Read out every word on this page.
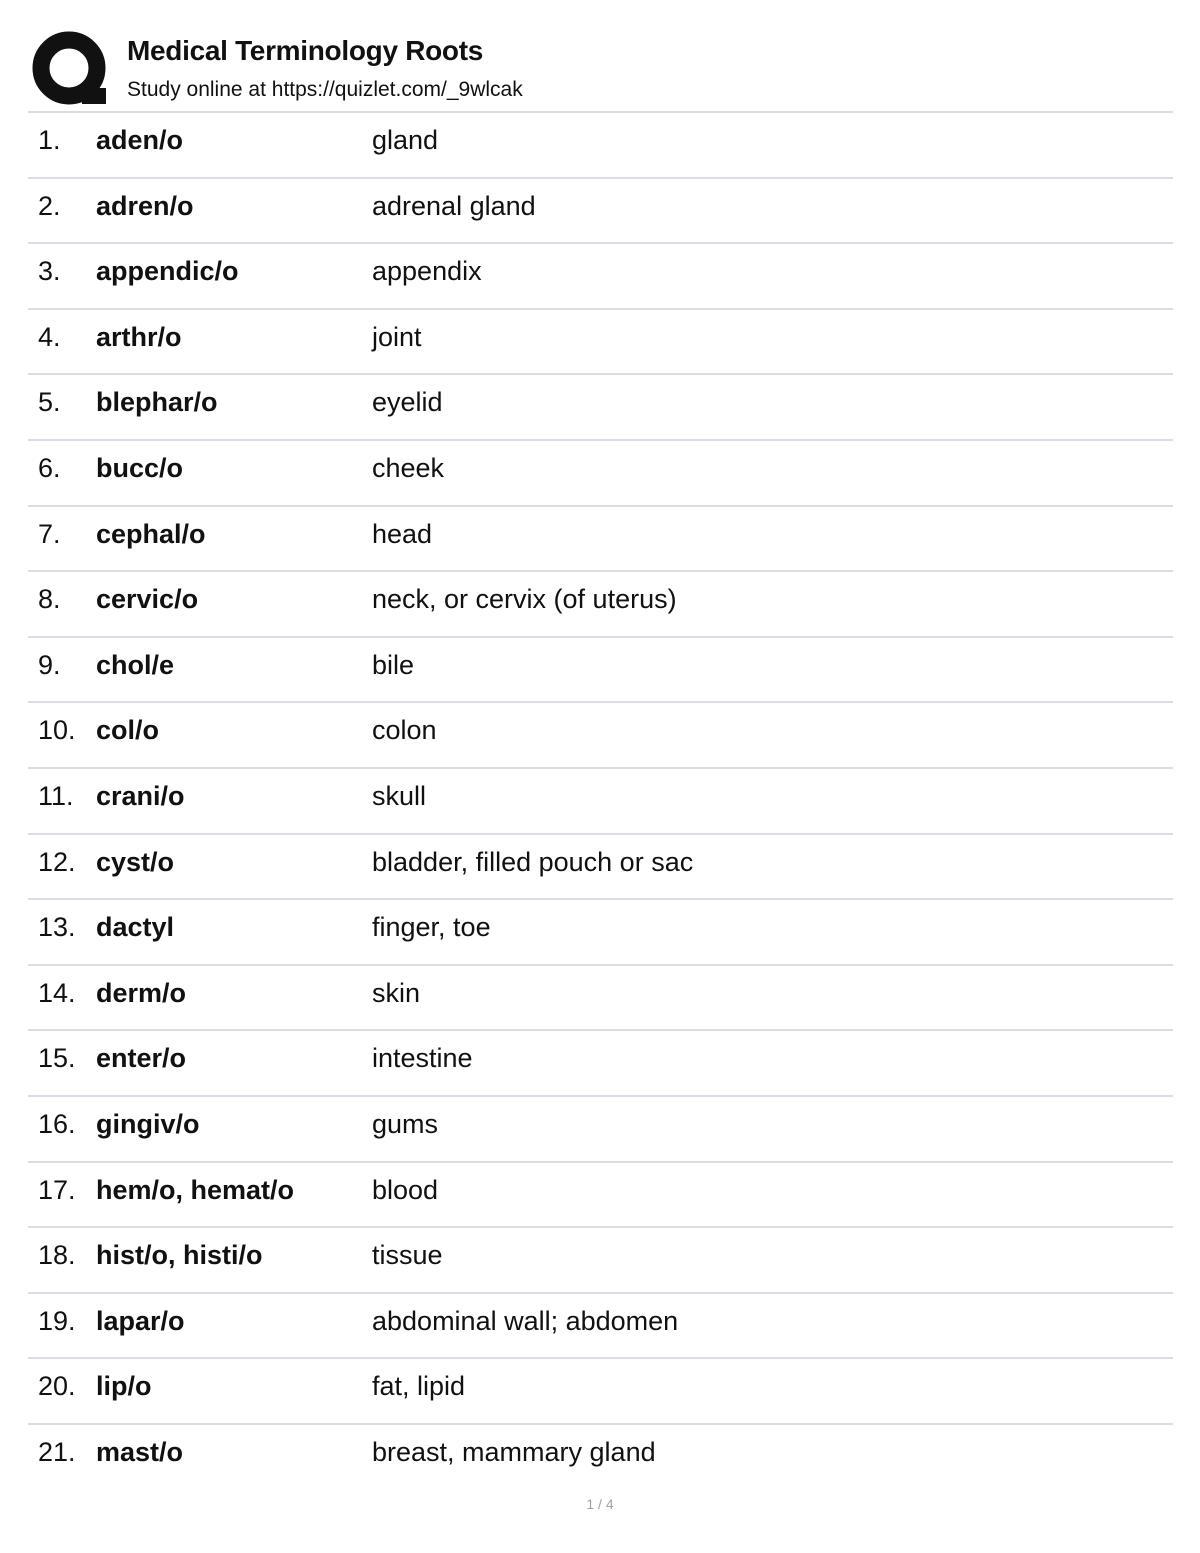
Medical Terminology Roots
Study online at https://quizlet.com/_9wlcak
1. aden/o	gland
2. adren/o	adrenal gland
3. appendic/o	appendix
4. arthr/o	joint
5. blephar/o	eyelid
6. bucc/o	cheek
7. cephal/o	head
8. cervic/o	neck, or cervix (of uterus)
9. chol/e	bile
10. col/o	colon
11. crani/o	skull
12. cyst/o	bladder, filled pouch or sac
13. dactyl	finger, toe
14. derm/o	skin
15. enter/o	intestine
16. gingiv/o	gums
17. hem/o, hemat/o	blood
18. hist/o, histi/o	tissue
19. lapar/o	abdominal wall; abdomen
20. lip/o	fat, lipid
21. mast/o	breast, mammary gland
1 / 4
